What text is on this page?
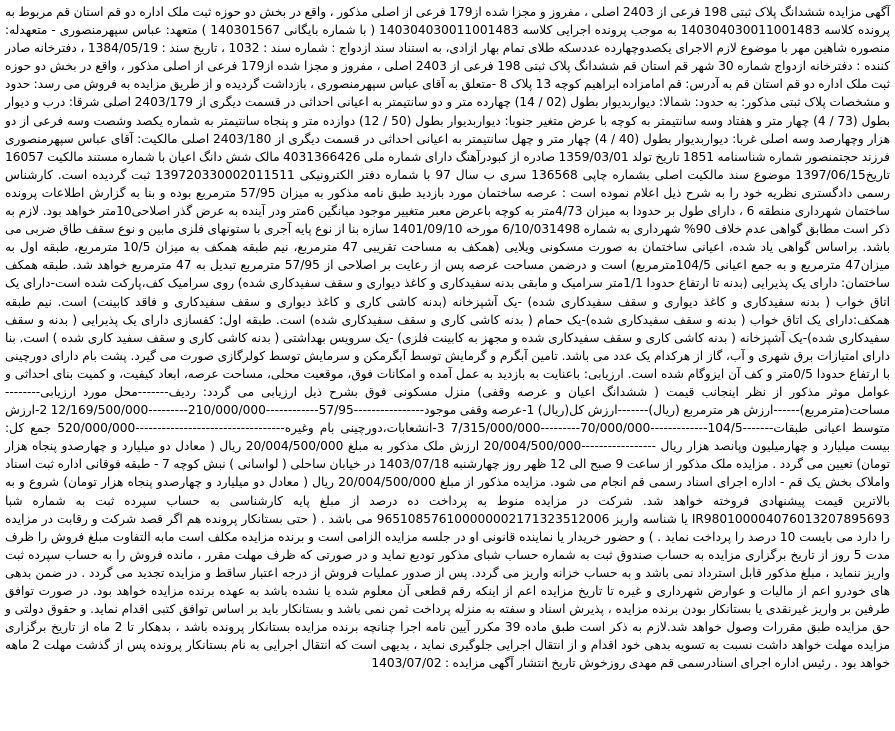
آگهی مزایده ششدانگ پلاک ثبتی 198 فرعی از 2403 اصلی ، مفروز و مجزا شده از179 فرعی از اصلی مذکور ، واقع در بخش دو حوزه ثبت ملک اداره دو قم استان قم مربوط به پرونده کلاسه 140304030011001483 به موجب پرونده اجرایی کلاسه 140304030011001483 ( با شماره بایگانی 140301567 ) متعهد: عباس سپهرمنصوری - متعهدله: منصوره شاهین مهر با موضوع لازم الاجرای یکصدوچهارده عددسکه طلای تمام بهار ازادی، به استناد سند ازدواج : شماره سند : 1032 ، تاریخ سند : 1384/05/19 ، دفترخانه صادر کننده : دفترخانه ازدواج شماره 30 شهر قم استان قم ششدانگ پلاک ثبتی 198 فرعی از 2403 اصلی ، مفروز و مجزا شده از179 فرعی از اصلی مذکور ، واقع در بخش دو حوزه ثبت ملک اداره دو قم استان قم به آدرس: قم امامزاده ابراهیم کوچه 13 پلاک 8 -متعلق به آقای عباس سپهرمنصوری ، بازداشت گردیده و از طریق مزایده به فروش می رسد: حدود و مشخصات پلاک ثبتی مذکور: به حدود: شمالا: دیواربدیوار بطول (02 / 14) چهارده متر و دو سانتیمتر به اعیانی احداثی در قسمت دیگری از 2403/179 اصلی شرقا: درب و دیوار بطول (73 / 4) چهار متر و هفتاد وسه سانتیمتر به کوچه با عرض متغیر جنوبا: دیواربدیوار بطول (50 / 12) دوازده متر و پنجاه سانتیمتر به شماره یکصد وشصت وسه فرعی از دو هزار وچهارصد وسه اصلی غربا: دیواربدیوار بطول (40 / 4) چهار متر و چهل سانتیمتر به اعیانی احداثی در قسمت دیگری از 2403/180 اصلی مالکیت: آقای عباس سپهرمنصوری فرزند حجتمنصور شماره شناسنامه 1851 تاریخ تولد 1359/03/01 صادره از کبودرآهنگ دارای شماره ملی 4031366426 مالک شش دانگ اعیان با شماره مستند مالکیت 16057 تاریخ1397/06/15 موضوع سند مالکیت اصلی بشماره چاپی 136568 سری ب سال 97 با شماره دفتر الکترونیکی 139720330002011511 ثبت گردیده است. کارشناس رسمی دادگستری نظریه خود را به شرح ذیل اعلام نموده است : عرصه ساختمان مورد بازدید طبق نامه مذکور به میزان 57/95 مترمربع بوده و بنا به گزارش اطلاعات پرونده ساختمان شهرداری منطقه 6 ، دارای طول بر حدودا به میزان 4/73متر به کوچه باعرض معبر متغییر موجود میانگین 6متر ودر آینده به عرض گذر اصلاحی10متر خواهد بود. لازم به ذکر است مطابق گواهی عدم خلاف 90% شهرداری به شماره 6/10/031498 مورخه 1401/09/10 سازه بنا از نوع پایه آجری با ستونهای فلزی مابین و نوع سقف طاق ضربی می باشد. براساس گواهی یاد شده، اعیانی ساختمان به صورت مسکونی ویلایی (همکف به مساحت تقریبی 47 مترمربع، نیم طبقه همکف به میزان 10/5 مترمربع، طبقه اول به میزان47 مترمربع و به جمع اعیانی 104/5مترمربع) است و درضمن مساحت عرصه پس از رعایت بر اصلاحی از 57/95 مترمربع تبدیل به 47 مترمربع خواهد شد. طبقه همکف ساختمان: دارای یک پذیرایی (بدنه تا ارتفاع حدودا 1/1متر سرامیک و مابقی بدنه سفیدکاری و کاغذ دیواری و سقف سفیدکاری شده) روی سرامیک کف،پارکت شده است-دارای یک اتاق خواب ( بدنه سفیدکاری و کاغذ دیواری و سقف سفیدکاری شده) -یک آشپزخانه (بدنه کاشی کاری و کاغذ دیواری و سقف سفیدکاری و فاقد کابینت) است. نیم طبقه همکف:دارای یک اتاق خواب ( بدنه و سقف سفیدکاری شده)-یک حمام ( بدنه کاشی کاری و سقف سفیدکاری شده) است. طبقه اول: کفسازی دارای یک پذیرایی ( بدنه و سقف سفیدکاری شده)-یک آشپزخانه ( بدنه کاشی کاری و سقف سفیدکاری شده و مجهز به کابینت فلزی) -یک سرویس بهداشتی ( بدنه کاشی کاری و سقف سفید کاری شده ) است. بنا دارای امتیازات برق شهری و آب، گاز از هرکدام یک عدد می باشد. تامین آبگرم و گرمایش توسط آبگرمکن و سرمایش توسط کولرگازی صورت می گیرد. پشت بام دارای دورچینی با ارتفاع حدودا 0/5متر و کف آن ایزوگام شده است. ارزیابی: باعنایت به بازدید به عمل آمده و امکانات فوق، موقعیت محلی، مساحت عرصه، ابعاد کیفیت، و کمیت بنای احداثی و عوامل موثر مذکور از نظر اینجانب قیمت ( ششدانگ اعیان و عرصه وقفی) منزل مسکونی فوق بشرح ذیل ارزیابی می گردد: ردیف-------محل مورد ارزیابی--------مساحت(مترمربع)------ارزش هر مترمربع (ریال)-------ارزش کل(ریال) 1-عرصه وقفی موجود----------------57/95------------210/000/000---------12/169/500/000 2-ارزش متوسط اعیانی طبقات-------104/5-------------70/000/000---------7/315/000/000 3-انشعابات،دورچینی بام وغیره----------------------------------520/000/000 جمع کل: بیست میلیارد و چهارمیلیون وپانصد هزار ریال -----------------20/004/500/000 ارزش ملک مذکور به مبلغ 20/004/500/000 ریال ( معادل دو میلیارد و چهارصدو پنجاه هزار تومان) تعیین می گردد . مزایده ملک مذکور از ساعت 9 صبح الی 12 ظهر روز چهارشنبه 1403/07/18 در خیابان ساحلی ( لواسانی ) نبش کوچه 7 - طبقه فوقانی اداره ثبت اسناد واملاک بخش یک قم - اداره اجرای اسناد رسمی قم انجام می شود. مزایده مذکور از مبلغ 20/004/500/000 ریال ( معادل دو میلیارد و چهارصدو پنجاه هزار تومان) شروع و به بالاترین قیمت پیشنهادی فروخته خواهد شد. شرکت در مزایده منوط به پرداخت ده درصد از مبلغ پایه کارشناسی به حساب سپرده ثبت به شماره شبا IR980100004076013207895693 یا شناسه واریز 965108576100000002171323512006 می باشد . ( حتی بستانکار پرونده هم اگر قصد شرکت و رقابت در مزایده را دارد می بایست 10 درصد را پرداخت نماید . ) و حضور خریدار یا نماینده قانونی او در جلسه مزایده الزامی است و برنده مزایده مکلف است مابه التفاوت مبلغ فروش را ظرف مدت 5 روز از تاریخ برگزاری مزایده به حساب صندوق ثبت به شماره حساب شبای مذکور تودیع نماید و در صورتی که ظرف مهلت مقرر ، مانده فروش را به حساب سپرده ثبت واریز ننماید ، مبلغ مذکور قابل استرداد نمی باشد و به حساب خزانه واریز می گردد. پس از صدور عملیات فروش از درجه اعتبار ساقط و مزایده تجدید می گردد . در ضمن بدهی های خودرو اعم از مالیات و عوارض شهرداری و غیره تا تاریخ مزایده اعم از اینکه رقم قطعی آن معلوم شده یا نشده باشد به عهده برنده مزایده خواهد بود. در صورت توافق طرفین بر واریز غیرنقدی یا بستانکار بودن برنده مزایده ، پذیرش اسناد و سفته به منزله پرداخت ثمن نمی باشد و بستانکار باید بر اساس توافق کتبی اقدام نماید. و حقوق دولتی و حق مزایده طبق مقررات وصول خواهد شد.لازم به ذکر است طبق ماده 39 مکرر آیین نامه اجرا چنانچه برنده مزایده بستانکار پرونده باشد ، بدهکار تا 2 ماه از تاریخ برگزاری مزایده مهلت خواهد داشت نسبت به تسویه بدهی خود اقدام و از انتقال اجرایی جلوگیری نماید ، بدیهی است که انتقال اجرایی به نام بستانکار پرونده پس از گذشت مهلت 2 ماهه خواهد بود . رئیس اداره اجرای اسنادرسمی قم مهدی روزخوش تاریخ انتشار آگهی مزایده : 1403/07/02
